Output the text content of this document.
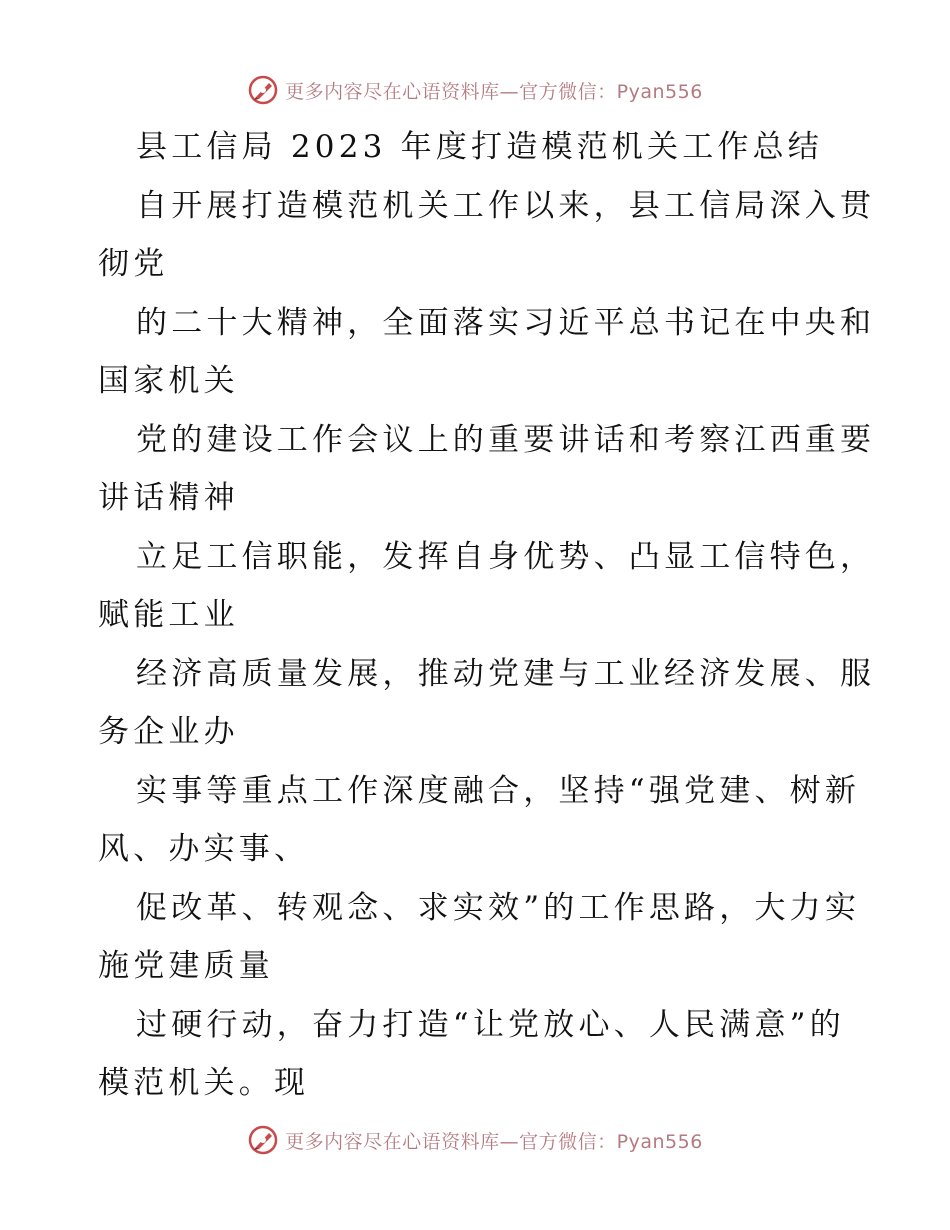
更多内容尽在心语资料库—官方微信：Pyan556
县工信局 2023 年度打造模范机关工作总结
自开展打造模范机关工作以来，县工信局深入贯
彻党
的二十大精神，全面落实习近平总书记在中央和
国家机关
党的建设工作会议上的重要讲话和考察江西重要
讲话精神
立足工信职能，发挥自身优势、凸显工信特色，
赋能工业
经济高质量发展，推动党建与工业经济发展、服
务企业办
实事等重点工作深度融合，坚持“强党建、树新
风、办实事、
促改革、转观念、求实效”的工作思路，大力实
施党建质量
过硬行动，奋力打造“让党放心、人民满意”的
模范机关。现
更多内容尽在心语资料库—官方微信：Pyan556
